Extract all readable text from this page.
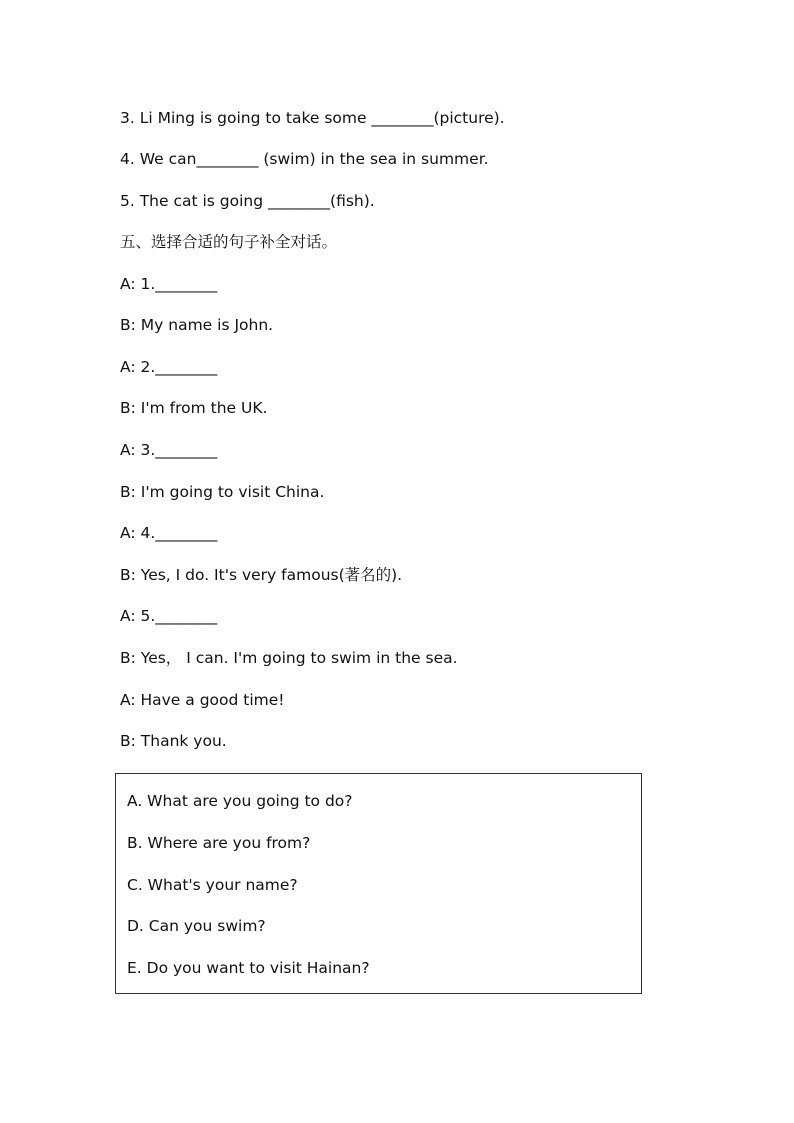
3. Li Ming is going to take some ________(picture).
4. We can________ (swim) in the sea in summer.
5. The cat is going ________(fish).
五、选择合适的句子补全对话。
A: 1.________
B: My name is John.
A: 2.________
B: I'm from the UK.
A: 3.________
B: I'm going to visit China.
A: 4.________
B: Yes, I do. It's very famous(著名的).
A: 5.________
B: Yes， I can. I'm going to swim in the sea.
A: Have a good time!
B: Thank you.
A. What are you going to do?
B. Where are you from?
C. What's your name?
D. Can you swim?
E. Do you want to visit Hainan?
